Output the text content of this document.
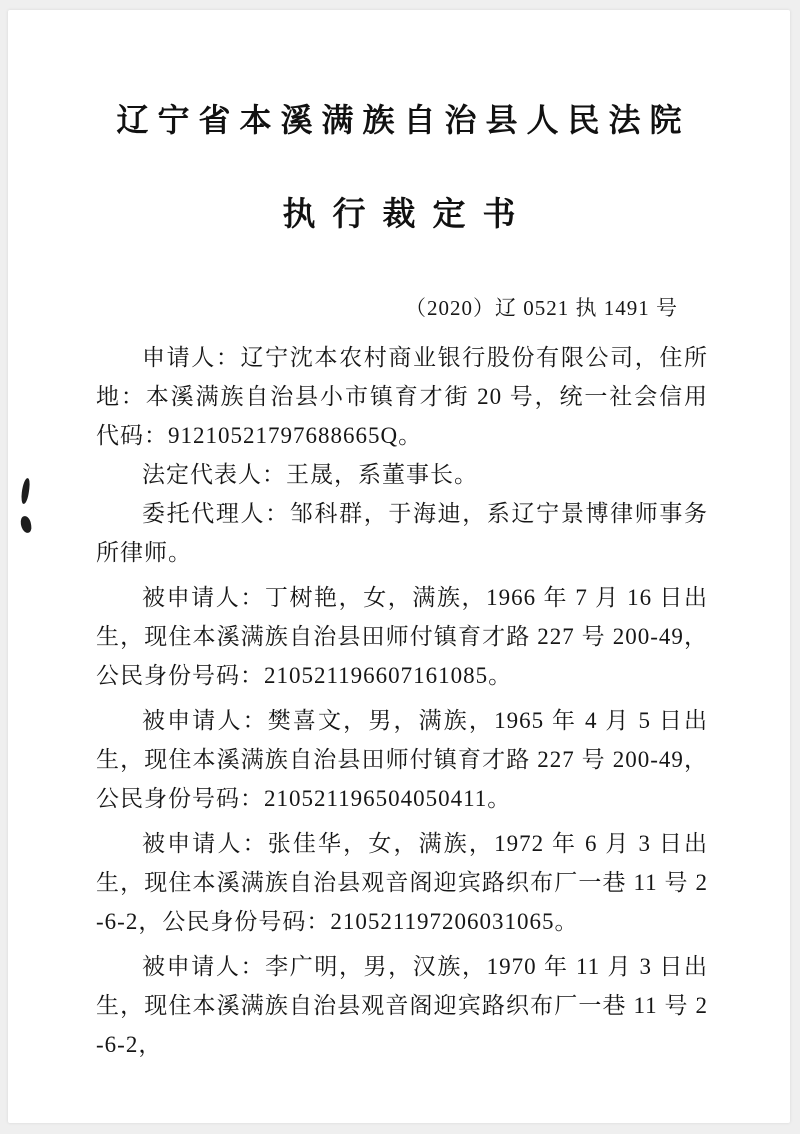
辽宁省本溪满族自治县人民法院
执行裁定书
（2020）辽 0521 执 1491 号

申请人：辽宁沈本农村商业银行股份有限公司，住所地：本溪满族自治县小市镇育才街 20 号，统一社会信用代码：91210521797688665Q。

法定代表人：王晟，系董事长。

委托代理人：邹科群，于海迪，系辽宁景博律师事务所律师。

被申请人：丁树艳，女，满族，1966 年 7 月 16 日出生，现住本溪满族自治县田师付镇育才路 227 号 200-49，公民身份号码：210521196607161085。

被申请人：樊喜文，男，满族，1965 年 4 月 5 日出生，现住本溪满族自治县田师付镇育才路 227 号 200-49，公民身份号码：210521196504050411。

被申请人：张佳华，女，满族，1972 年 6 月 3 日出生，现住本溪满族自治县观音阁迎宾路织布厂一巷 11 号 2-6-2，公民身份号码：210521197206031065。

被申请人：李广明，男，汉族，1970 年 11 月 3 日出生，现住本溪满族自治县观音阁迎宾路织布厂一巷 11 号 2-6-2，
